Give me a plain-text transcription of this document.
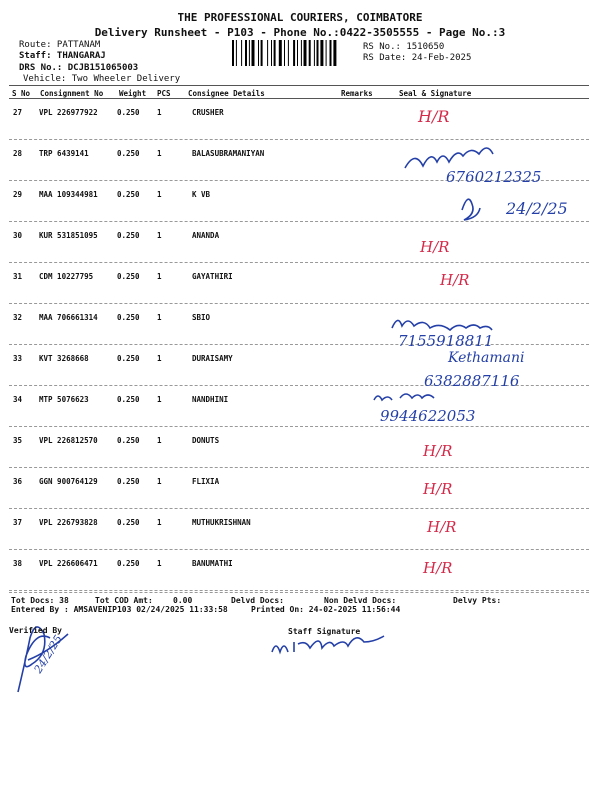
THE PROFESSIONAL COURIERS, COIMBATORE
Delivery Runsheet - P103 - Phone No.:0422-3505555 - Page No.:3
Route: PATTANAM
Staff: THANGARAJ
DRS No.: DCJB151065003
Vehicle: Two Wheeler Delivery
RS No.: 1510650
RS Date: 24-Feb-2025
S No Consignment No Weight PCS Consignee Details	Remarks	Seal & Signature
27 VPL 226977922	0.250 1	CRUSHER
28 TRP 6439141	0.250 1	BALASUBRAMANIYAN
29 MAA 109344981	0.250 1	K VB
30 KUR 531851095	0.250 1	ANANDA
31 CDM 10227795	0.250 1	GAYATHIRI
32 MAA 706661314	0.250 1	SBIO
33 KVT 3268668	0.250 1	DURAISAMY
34 MTP 5076623	0.250 1	NANDHINI
35 VPL 226812570	0.250 1	DONUTS
36 GGN 900764129	0.250 1	FLIXIA
37 VPL 226793828	0.250 1	MUTHUKRISHNAN
38 VPL 226606471	0.250 1	BANUMATHI
H/R
6760212325
24/2/25
H/R
H/R
7155918811
Kethamani
6382887116
9944622053
H/R
H/R
H/R
H/R
24/2/25
Tot Docs: 38	Tot COD Amt:	0.00	Delvd Docs:	Non Delvd Docs:	Delvy Pts:
Entered By : AMSAVENIP103 02/24/2025 11:33:58	Printed On: 24-02-2025 11:56:44
Verified By	Staff Signature
